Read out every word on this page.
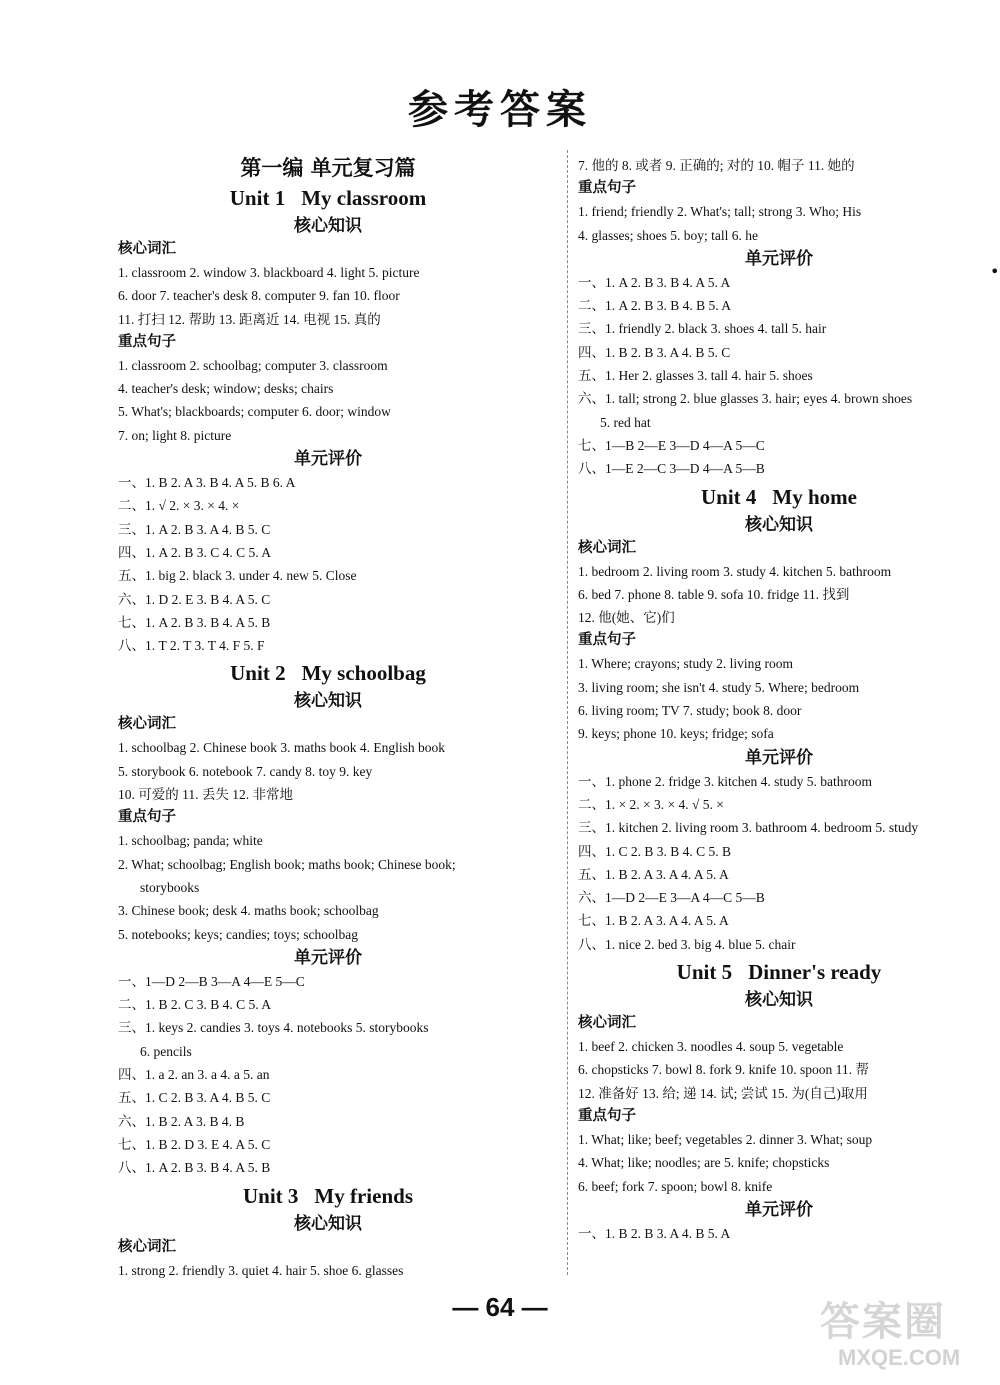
参考答案
第一编 单元复习篇
Unit 1 My classroom
核心知识
核心词汇
1. classroom 2. window 3. blackboard 4. light 5. picture
6. door 7. teacher's desk 8. computer 9. fan 10. floor
11. 打扫 12. 帮助 13. 距离近 14. 电视 15. 真的
重点句子
1. classroom 2. schoolbag; computer 3. classroom
4. teacher's desk; window; desks; chairs
5. What's; blackboards; computer 6. door; window
7. on; light 8. picture
单元评价
一、1. B 2. A 3. B 4. A 5. B 6. A
二、1. √ 2. × 3. × 4. ×
三、1. A 2. B 3. A 4. B 5. C
四、1. A 2. B 3. C 4. C 5. A
五、1. big 2. black 3. under 4. new 5. Close
六、1. D 2. E 3. B 4. A 5. C
七、1. A 2. B 3. B 4. A 5. B
八、1. T 2. T 3. T 4. F 5. F
Unit 2 My schoolbag
核心知识
核心词汇
1. schoolbag 2. Chinese book 3. maths book 4. English book
5. storybook 6. notebook 7. candy 8. toy 9. key
10. 可爱的 11. 丢失 12. 非常地
重点句子
1. schoolbag; panda; white
2. What; schoolbag; English book; maths book; Chinese book;
storybooks
3. Chinese book; desk 4. maths book; schoolbag
5. notebooks; keys; candies; toys; schoolbag
单元评价
一、1—D 2—B 3—A 4—E 5—C
二、1. B 2. C 3. B 4. C 5. A
三、1. keys 2. candies 3. toys 4. notebooks 5. storybooks
6. pencils
四、1. a 2. an 3. a 4. a 5. an
五、1. C 2. B 3. A 4. B 5. C
六、1. B 2. A 3. B 4. B
七、1. B 2. D 3. E 4. A 5. C
八、1. A 2. B 3. B 4. A 5. B
Unit 3 My friends
核心知识
核心词汇
1. strong 2. friendly 3. quiet 4. hair 5. shoe 6. glasses
7. 他的 8. 或者 9. 正确的; 对的 10. 帽子 11. 她的
重点句子
1. friend; friendly 2. What's; tall; strong 3. Who; His
4. glasses; shoes 5. boy; tall 6. he
单元评价
一、1. A 2. B 3. B 4. A 5. A
二、1. A 2. B 3. B 4. B 5. A
三、1. friendly 2. black 3. shoes 4. tall 5. hair
四、1. B 2. B 3. A 4. B 5. C
五、1. Her 2. glasses 3. tall 4. hair 5. shoes
六、1. tall; strong 2. blue glasses 3. hair; eyes 4. brown shoes
5. red hat
七、1—B 2—E 3—D 4—A 5—C
八、1—E 2—C 3—D 4—A 5—B
Unit 4 My home
核心知识
核心词汇
1. bedroom 2. living room 3. study 4. kitchen 5. bathroom
6. bed 7. phone 8. table 9. sofa 10. fridge 11. 找到
12. 他(她、它)们
重点句子
1. Where; crayons; study 2. living room
3. living room; she isn't 4. study 5. Where; bedroom
6. living room; TV 7. study; book 8. door
9. keys; phone 10. keys; fridge; sofa
单元评价
一、1. phone 2. fridge 3. kitchen 4. study 5. bathroom
二、1. × 2. × 3. × 4. √ 5. ×
三、1. kitchen 2. living room 3. bathroom 4. bedroom 5. study
四、1. C 2. B 3. B 4. C 5. B
五、1. B 2. A 3. A 4. A 5. A
六、1—D 2—E 3—A 4—C 5—B
七、1. B 2. A 3. A 4. A 5. A
八、1. nice 2. bed 3. big 4. blue 5. chair
Unit 5 Dinner's ready
核心知识
核心词汇
1. beef 2. chicken 3. noodles 4. soup 5. vegetable
6. chopsticks 7. bowl 8. fork 9. knife 10. spoon 11. 帮
12. 准备好 13. 给; 递 14. 试; 尝试 15. 为(自己)取用
重点句子
1. What; like; beef; vegetables 2. dinner 3. What; soup
4. What; like; noodles; are 5. knife; chopsticks
6. beef; fork 7. spoon; bowl 8. knife
单元评价
一、1. B 2. B 3. A 4. B 5. A
•
— 64 —	答案圈
MXQE.COM
